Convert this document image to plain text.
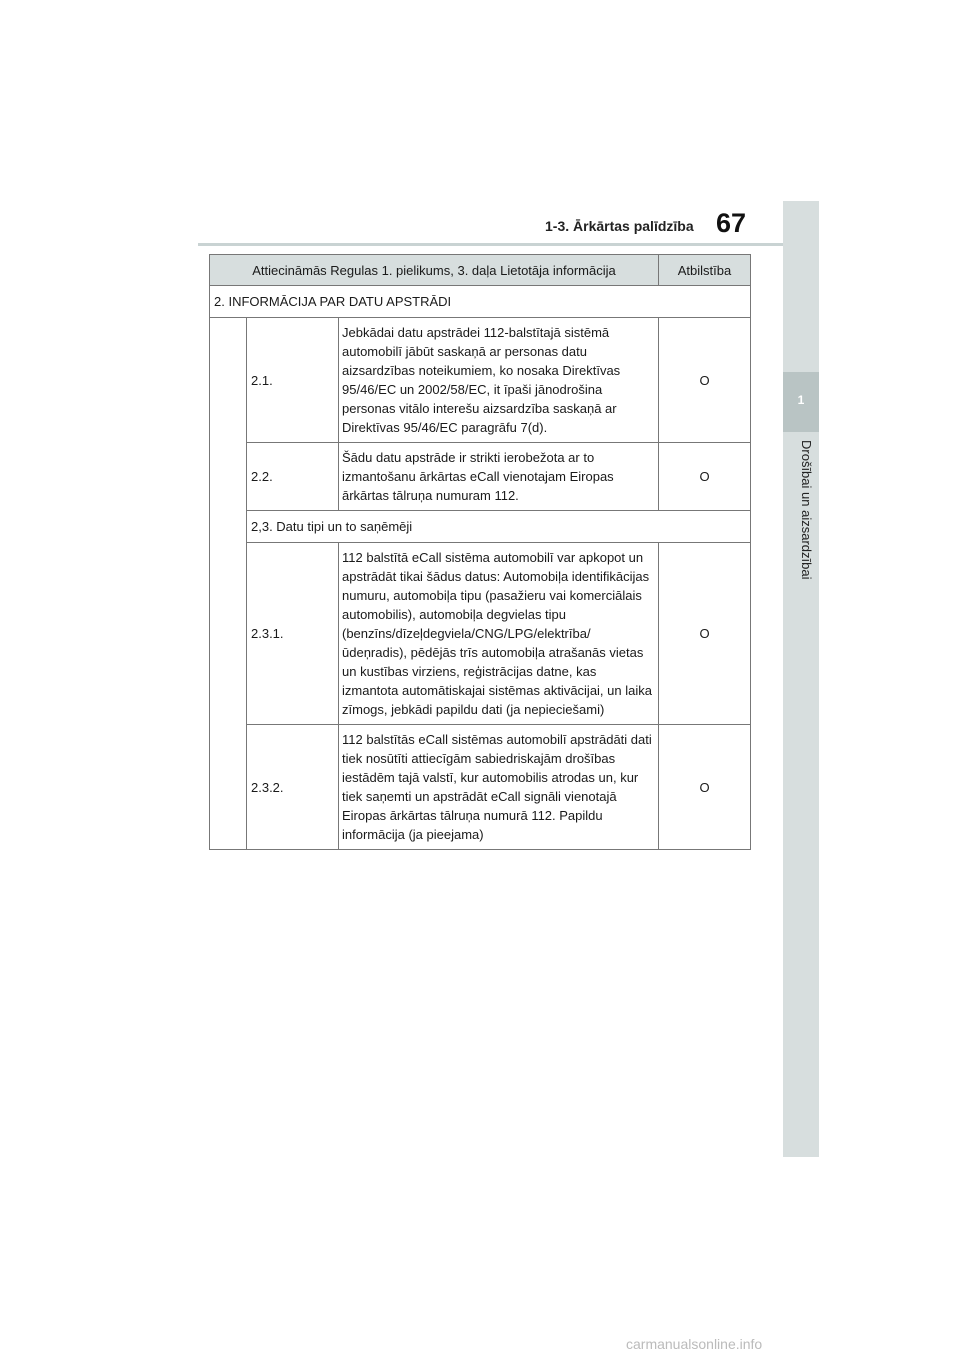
1-3. Ārkārtas palīdzība 67
1
Drošībai un aizsardzībai
Attiecināmās Regulas 1. pielikums, 3. daļa Lietotāja informācija			Atbilstība
2. INFORMĀCIJA PAR DATU APSTRĀDI			
	2.1.	Jebkādai datu apstrādei 112-balstītajā sistēmā automobilī jābūt saskaņā ar personas datu aizsardzības noteikumiem, ko nosaka Direktīvas 95/46/EC un 2002/58/EC, it īpaši jānodrošina personas vitālo interešu aizsardzība saskaņā ar Direktīvas 95/46/EC paragrāfu 7(d).	O
	2.2.	Šādu datu apstrāde ir strikti ierobežota ar to izmantošanu ārkārtas eCall vienotajam Eiropas ārkārtas tālruņa numuram 112.	O
	2,3. Datu tipi un to saņēmēji		
	2.3.1.	112 balstītā eCall sistēma automobilī var apkopot un apstrādāt tikai šādus datus: Automobiļa identifikācijas numuru, automobiļa tipu (pasažieru vai komerciālais automobilis), automobiļa degvielas tipu (benzīns/dīzeļdegviela/CNG/LPG/elektrība/ūdeņradis), pēdējās trīs automobiļa atrašanās vietas un kustības virziens, reģistrācijas datne, kas izmantota automātiskajai sistēmas aktivācijai, un laika zīmogs, jebkādi papildu dati (ja nepieciešami)	O
	2.3.2.	112 balstītās eCall sistēmas automobilī apstrādāti dati tiek nosūtīti attiecīgām sabiedriskajām drošības iestādēm tajā valstī, kur automobilis atrodas un, kur tiek saņemti un apstrādāt eCall signāli vienotajā Eiropas ārkārtas tālruņa numurā 112. Papildu informācija (ja pieejama)	O
carmanualsonline.info
